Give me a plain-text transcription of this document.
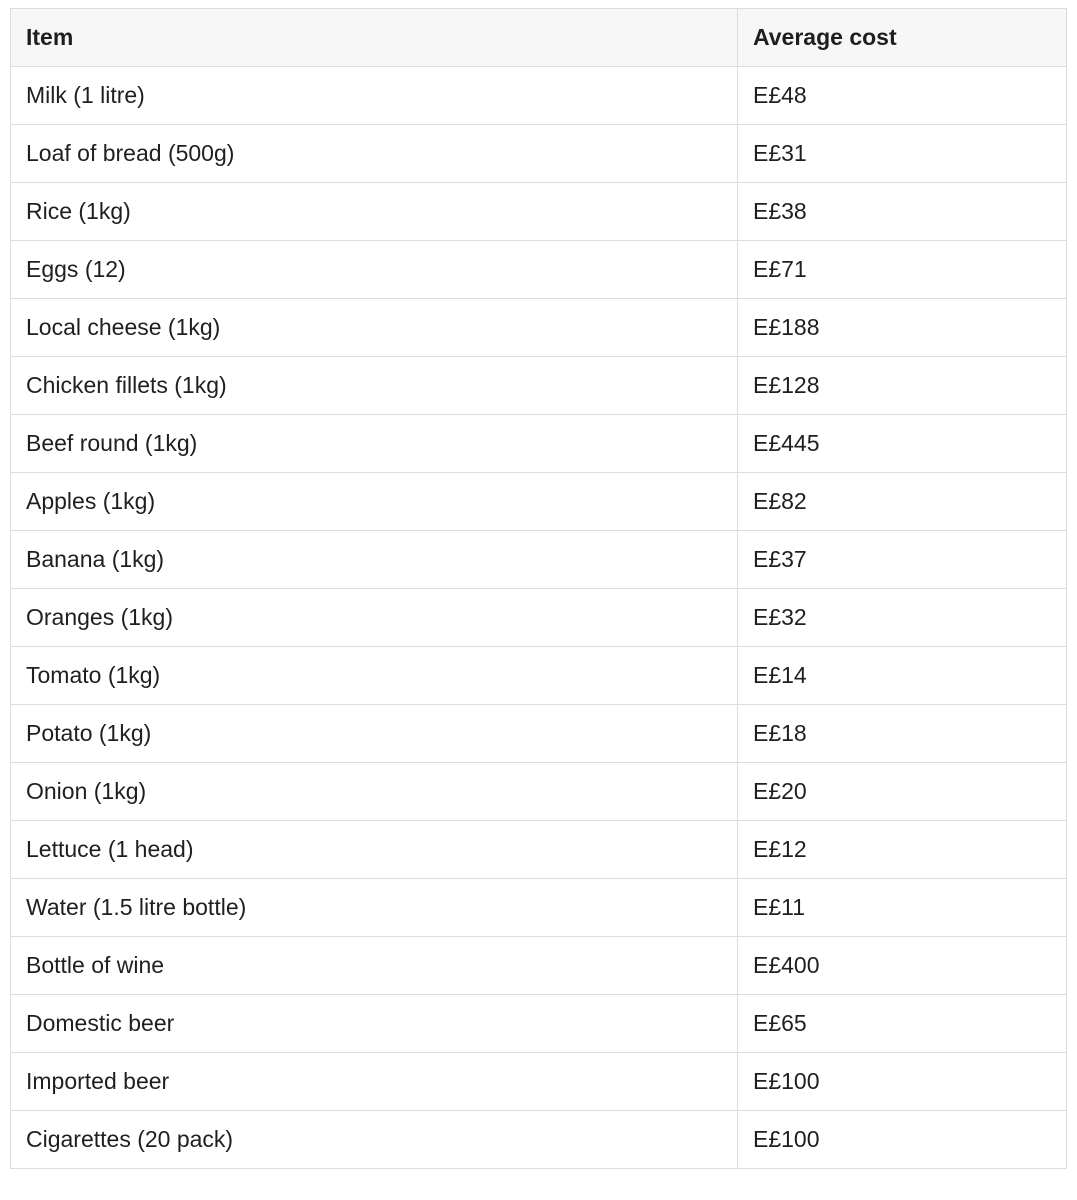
Item	Average cost
Milk (1 litre)	E£48
Loaf of bread (500g)	E£31
Rice (1kg)	E£38
Eggs (12)	E£71
Local cheese (1kg)	E£188
Chicken fillets (1kg)	E£128
Beef round (1kg)	E£445
Apples (1kg)	E£82
Banana (1kg)	E£37
Oranges (1kg)	E£32
Tomato (1kg)	E£14
Potato (1kg)	E£18
Onion (1kg)	E£20
Lettuce (1 head)	E£12
Water (1.5 litre bottle)	E£11
Bottle of wine	E£400
Domestic beer	E£65
Imported beer	E£100
Cigarettes (20 pack)	E£100
